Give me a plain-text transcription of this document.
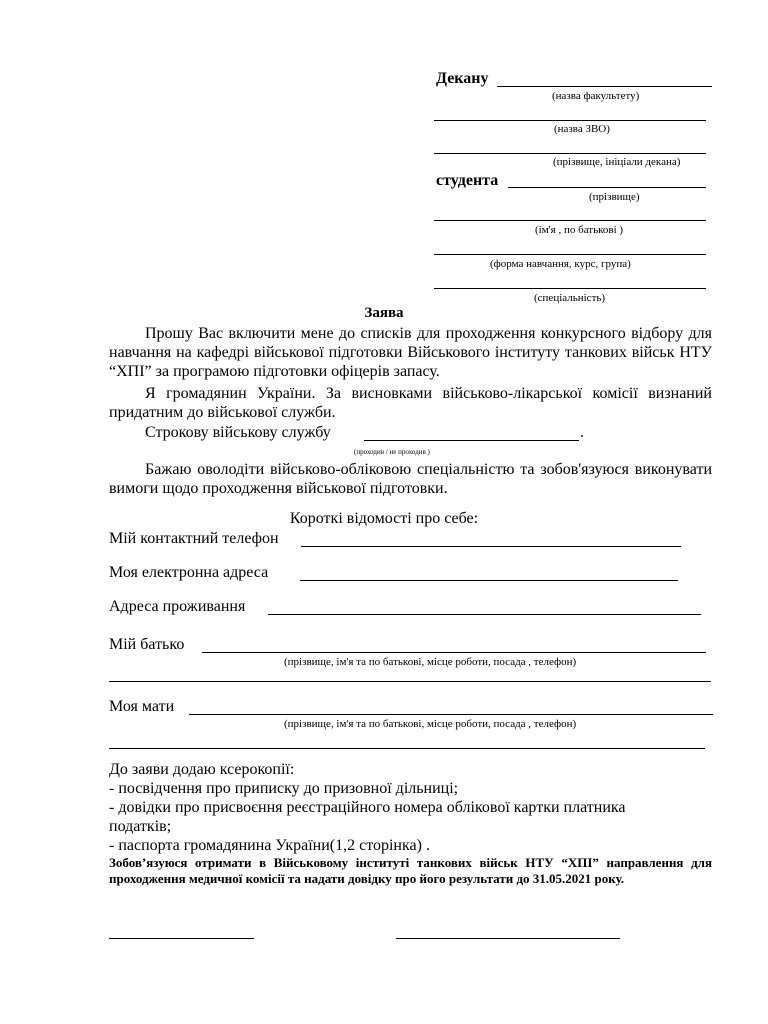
Декану
(назва факультету)
(назва ЗВО)
(прізвище, ініціали декана)
студента
(прізвище)
(ім'я , по батькові )
(форма навчання, курс, група)
(спеціальність)
Заява
Прошу Вас включити мене до списків для проходження конкурсного відбору для навчання на кафедрі військової підготовки Військового інституту танкових військ НТУ “ХПІ” за програмою підготовки офіцерів запасу.
Я громадянин України. За висновками військово-лікарської комісії визнаний придатним до військової служби.
Строкову військову службу	.
(проходив / не проходив )
Бажаю оволодіти військово-обліковою спеціальністю та зобов'язуюся виконувати вимоги щодо проходження військової підготовки.
Короткі відомості про себе:
Мій контактний телефон
Моя електронна адреса
Адреса проживання
Мій батько
(прізвище, ім'я та по батькові, місце роботи, посада , телефон)
Моя мати
(прізвище, ім'я та по батькові, місце роботи, посада , телефон)
До заяви додаю ксерокопії:
- посвідчення про приписку до призовної дільниці;
- довідки про присвоєння реєстраційного номера облікової картки платника
податків;
- паспорта громадянина України(1,2 сторінка) .
Зобов’язуюся отримати в Військовому інституті танкових військ НТУ “ХПІ” направлення для проходження медичної комісії та надати довідку про його результати до 31.05.2021 року.
